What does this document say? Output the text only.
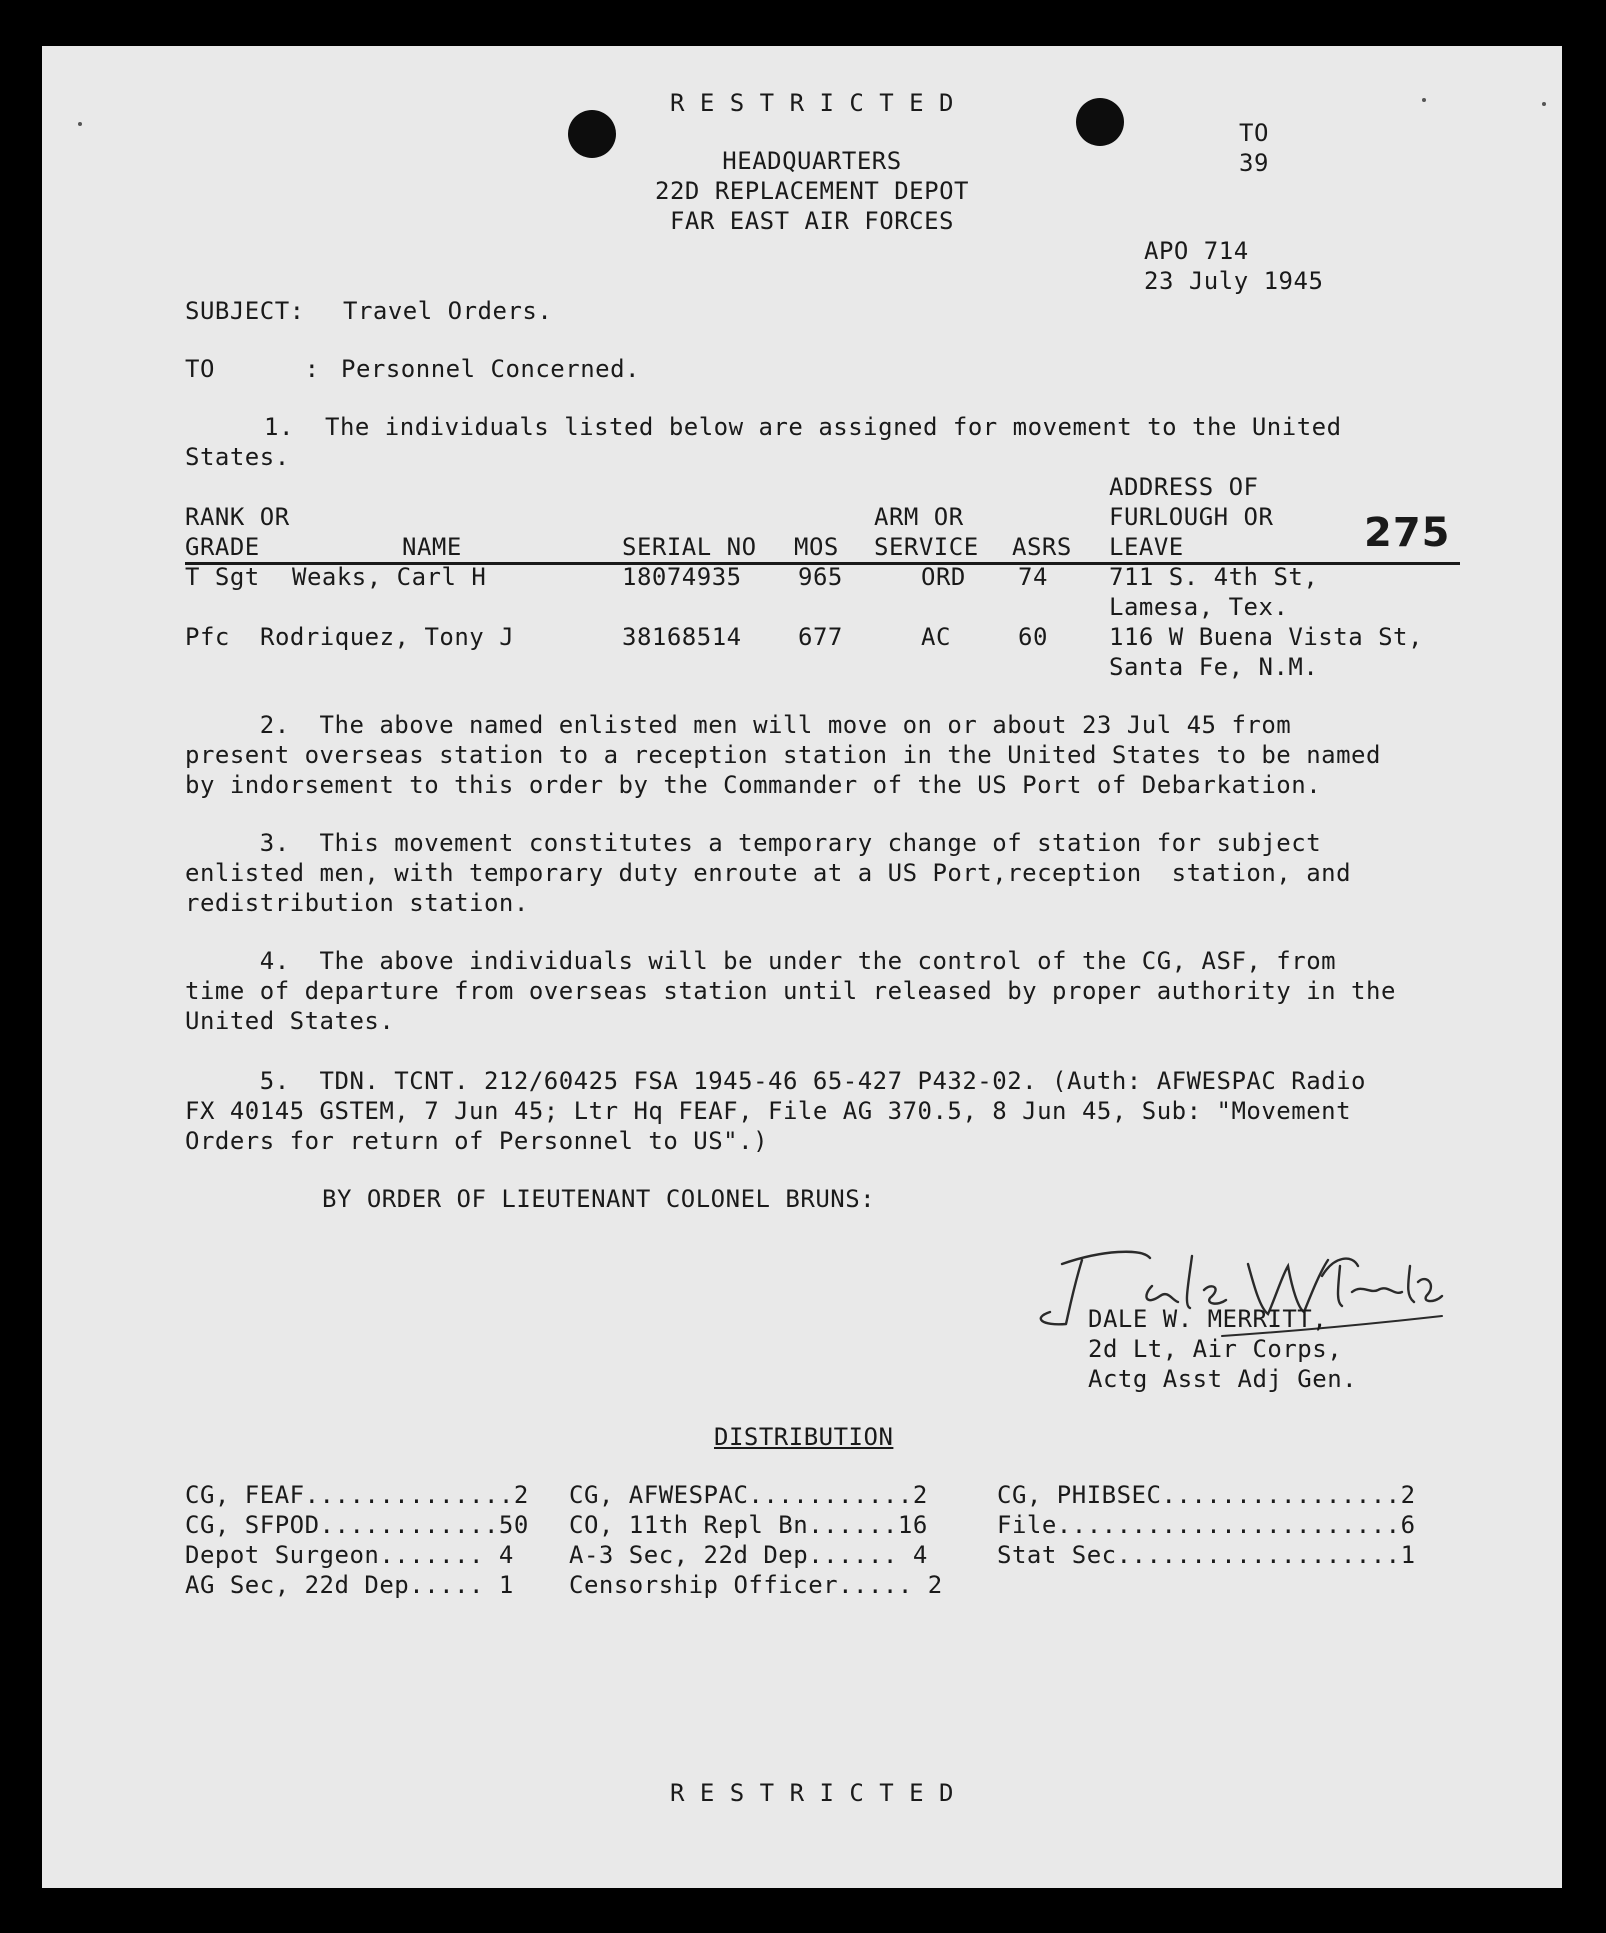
R E S T R I C T E D
HEADQUARTERS
22D REPLACEMENT DEPOT
FAR EAST AIR FORCES
TO
39
APO 714
23 July 1945
SUBJECT: Travel Orders.
TO      : Personnel Concerned.
1. The individuals listed below are assigned for movement to the United
States.
RANK OR
GRADE	NAME	SERIAL NO MOS
ARM OR
SERVICE ASRS
ADDRESS OF
FURLOUGH OR
LEAVE	275
T Sgt Weaks, Carl H	18074935 965	ORD 74	711 S. 4th St,
Lamesa, Tex.
Pfc Rodriquez, Tony J	38168514 677	AC	60	116 W Buena Vista St,
Santa Fe, N.M.
2.  The above named enlisted men will move on or about 23 Jul 45 from
present overseas station to a reception station in the United States to be named
by indorsement to this order by the Commander of the US Port of Debarkation.
3.  This movement constitutes a temporary change of station for subject
enlisted men, with temporary duty enroute at a US Port,reception  station, and
redistribution station.
4.  The above individuals will be under the control of the CG, ASF, from
time of departure from overseas station until released by proper authority in the
United States.
5.  TDN. TCNT. 212/60425 FSA 1945-46 65-427 P432-02. (Auth: AFWESPAC Radio
FX 40145 GSTEM, 7 Jun 45; Ltr Hq FEAF, File AG 370.5, 8 Jun 45, Sub: "Movement
Orders for return of Personnel to US".)
BY ORDER OF LIEUTENANT COLONEL BRUNS:
DALE W. MERRITT,
2d Lt, Air Corps,
Actg Asst Adj Gen.
DISTRIBUTION
CG, FEAF..............2
CG, SFPOD............50
Depot Surgeon....... 4
AG Sec, 22d Dep..... 1
CG, AFWESPAC...........2
CO, 11th Repl Bn......16
A-3 Sec, 22d Dep...... 4
Censorship Officer..... 2
CG, PHIBSEC................2
File.......................6
Stat Sec...................1
R E S T R I C T E D
